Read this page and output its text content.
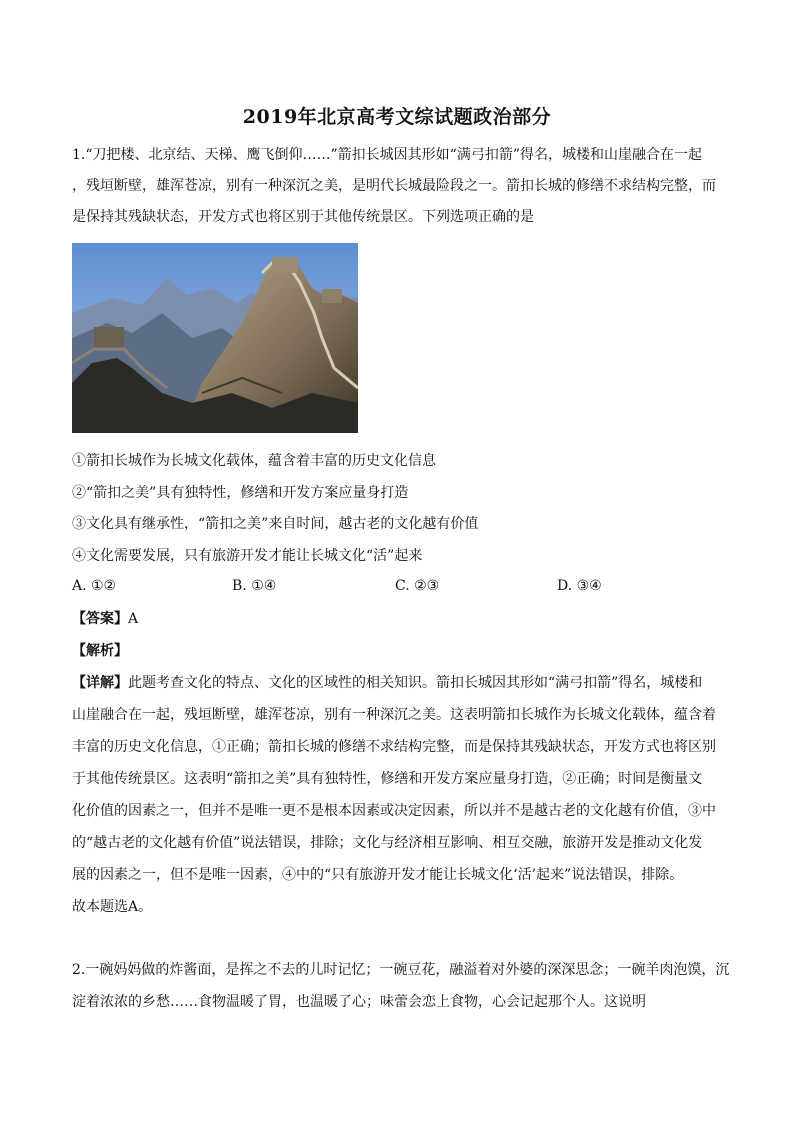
2019年北京高考文综试题政治部分
1.“刀把楼、北京结、天梯、鹰飞倒仰……”箭扣长城因其形如“满弓扣箭”得名，城楼和山崖融合在一起
，残垣断壁，雄浑苍凉，别有一种深沉之美，是明代长城最险段之一。箭扣长城的修缮不求结构完整，而
是保持其残缺状态，开发方式也将区别于其他传统景区。下列选项正确的是
①箭扣长城作为长城文化载体，蕴含着丰富的历史文化信息
②“箭扣之美”具有独特性，修缮和开发方案应量身打造
③文化具有继承性，“箭扣之美”来自时间，越古老的文化越有价值
④文化需要发展，只有旅游开发才能让长城文化“活”起来
A. ①②	B. ①④	C. ②③	D. ③④
【答案】A
【解析】
【详解】此题考查文化的特点、文化的区域性的相关知识。箭扣长城因其形如“满弓扣箭”得名，城楼和
山崖融合在一起，残垣断壁，雄浑苍凉，别有一种深沉之美。这表明箭扣长城作为长城文化载体，蕴含着
丰富的历史文化信息，①正确；箭扣长城的修缮不求结构完整，而是保持其残缺状态，开发方式也将区别
于其他传统景区。这表明“箭扣之美”具有独特性，修缮和开发方案应量身打造，②正确；时间是衡量文
化价值的因素之一，但并不是唯一更不是根本因素或决定因素，所以并不是越古老的文化越有价值，③中
的“越古老的文化越有价值”说法错误，排除；文化与经济相互影响、相互交融，旅游开发是推动文化发
展的因素之一，但不是唯一因素，④中的“只有旅游开发才能让长城文化‘活’起来”说法错误，排除。
故本题选A。
2.一碗妈妈做的炸酱面，是挥之不去的儿时记忆；一碗豆花，融溢着对外婆的深深思念；一碗羊肉泡馍，沉
淀着浓浓的乡愁……食物温暖了胃，也温暖了心；味蕾会恋上食物，心会记起那个人。这说明
